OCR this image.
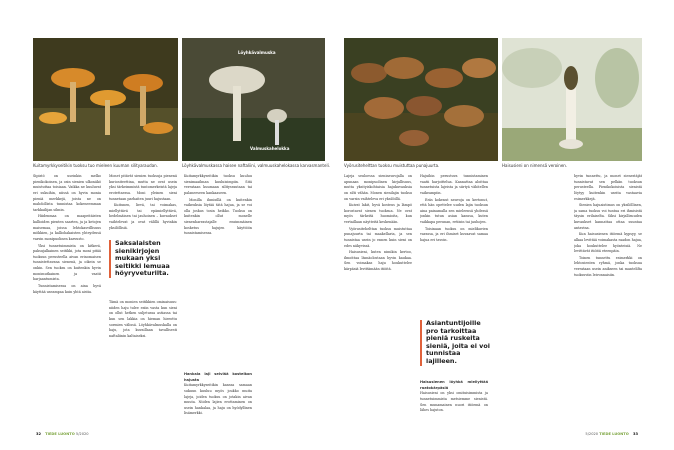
Kuitamyrkkyseitikin tuoksu tuo mieleen kuuman silityaraudan.
Löyhkävalmuska
Valmuskahelokka
Löyhkävalmuskassa haisee naftaliini, valmuuskahelokassa karvasmanteli.	Vyörusitehelttan tuoksu muistuttaa punajuurta.	Haisusieni on nimensä veroinen.

Sipistö on useinkin melko pienikokoinen, ja osin sienien ulkonäkö muistuttaa toisiaan. Vaikka ne kuuluvat eri sukuihin, niissä on hyvin monia pieniä merkkejä, joista ne on mahdollista tunnistaa kokeneemman tarkkailijan silmin.

Hiidenmaa on maapeitäisten kallioiden pienten saarten, ja ja ketojen maisemaa, joissa lehtokasvillisuus mökkien, ja kalliohakaisten yhteydessä varsin monipuolinen kasvusto.

Yksi tunnetuimmista on kitkerä, paksujalkainen seitikki, jota moni pitää tuoksun perusteella aivan erinomaisen tunnistettavana sienenä, ja oikein se onkin. Sen tuoksu on kuitenkin hyvin monimutkainen ja vaatii harjaantumista.

Tunnistamisessa on aina hyvä käyttää useampaa kuin yhtä aistia.

Monet pitävät sienien tuoksuja pienenä kuriositeettina, mutta ne ovat usein yksi tärkeimmistä tuntomerkeistä lajeja erotettaessa. Moni yleinen sieni tunnetaan parhaiten juuri hajustaan.

Kuitunen, lievä, tai voimakas, miellyttävä tai epämiellyttävä, hedelmäinen tai jauhoinen – kuvaukset vaihtelevat ja ovat välillä hyvinkin yksilöllisiä.

Saksalaisten sienikirjojen mukaan yksi seitikki lemuaa höyryveturilta.

Tämä on monien seitikkien ominaisuus: niiden haju tulee esiin vasta kun sieni on ollut hetken suljetussa astiassa tai kun sen lakkia on hieman hierottu sormien välissä. Löyhkävalmuskalla on haju, jota kuvaillaan tavallisesti naftaliinin kaltaiseksi.

Kuitamyrkkyseitikin tuoksu kuuluu sienimaailman kuuluisimpiin. Sitä verrataan kuumaan silitysrautaan tai palaneeseen kankaaseen.

Monilla ihmisillä on kuitenkin vaikeuksia löytää tätä hajua, ja se voi olla joskus tosin heikko. Tuoksu on kuitenkin ollut monelle sienenharrastajalle ensimmäinen kosketus hajujen käyttöön tunnistamisessa.

Hankala laji selviää kosteikon hajusta

Kuitamyrkkyseitikin kanssa samaan sukuun kuuluu myös joukko muita lajeja, joiden tuoksu on jotakin aivan muuta. Niiden lajien erottaminen on usein hankalaa, ja haju on hyödyllinen lisämerkki.

Lajeja seuloessa sienineuvojalla on apunaan monipuolinen kirjallisuus, mutta yksityiskohtaisia hajukuvauksia on silti vähän. Monen sienilajin tuoksu on varsin vaihteleva eri yksilöillä.

Kuivat lakit, hyvä kosteus ja lämpö korostavat sienen tuoksua. Ne ovat myös tärkeitä huomioita, kun vertaillaan näytteitä keskenään.

Vyörusitehelttan tuoksu muistuttaa punajuurta tai maakellaria, ja sen tunnistaa usein jo ennen kuin sieni on edes näkyvissä.

Haisusieni, kuten nimikin kertoo, ilmoittaa läsnäolostaan hyvin kaukaa. Sen voimakas haju houkuttelee kärpäsiä levittämään itiöitä.

Hajuihin perustuva tunnistaminen vaatii harjoittelua. Kannattaa aloittaa tunnetuista lajeista ja siirtyä vähitellen vaikeampiin.

Eräs kokenut neuvoja on kertonut, että hän opettelee uuden lajin tuoksun aina painamalla sen mieleensä yhdessä jonkin tutun asian kanssa, kuten vaikkapa perunan, retiisin tai jauhojen.

Toisinaan tuoksu on mielikuvien varassa, ja eri ihmiset kuvaavat samaa hajua eri tavoin.

Asiantuntijoille pro tarkoittaa pieniä ruskeita sieniä, joita ei voi tunnistaa lajilleen.
Haisusienen löyhkä miellyttää raatokärpäsiä

Haisusieni on yksi omituisimmista ja tunnetuimmista metsiemme sienistä. Sen munamainen nuori itiöemä on lähes hajuton.

hyvin tunnettu, ja monet sienestäjät tunnistavat sen pelkän tuoksun perusteella. Pienikokoisista sienistä löytyy kuitenkin useita vastaavia esimerkkejä.

Sienien hajuaistimus on yksilöllinen, ja sama tuoksu voi tuntua eri ihmisistä täysin erilaiselta. Siksi kirjallisuuden kuvaukset kannattaa ottaa suuntaa antavina.

Kun haisusienen itiöemä kypsyy, se alkaa levittää voimakasta raadon hajua, joka houkuttelee hyönteisiä. Ne levittävät itiöitä eteenpäin.

Toinen tunnettu esimerkki on lehtosienten ryhmä, jonka tuoksua verrataan usein anikseen tai mantelilta tuoksuviin leivonnaisiin.

32 TIEDE LUONTO 5/2020	5/2020 TIEDE LUONTO 33
